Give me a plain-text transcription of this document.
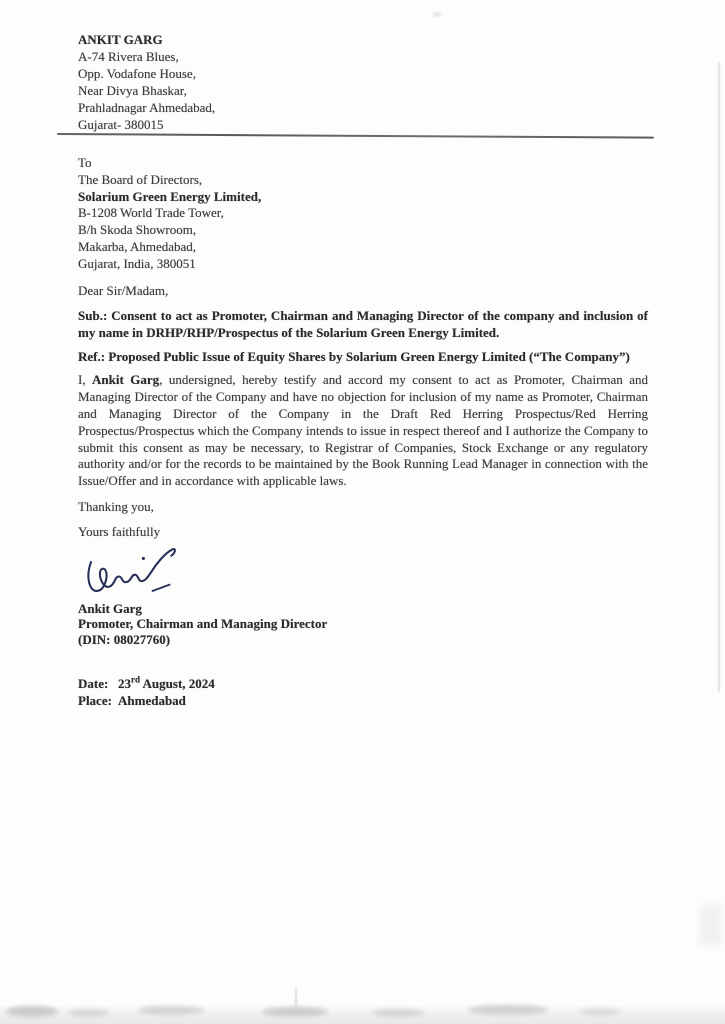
ANKIT GARG
A-74 Rivera Blues,
Opp. Vodafone House,
Near Divya Bhaskar,
Prahladnagar Ahmedabad,
Gujarat- 380015
To
The Board of Directors,
Solarium Green Energy Limited,
B-1208 World Trade Tower,
B/h Skoda Showroom,
Makarba, Ahmedabad,
Gujarat, India, 380051

Dear Sir/Madam,

Sub.: Consent to act as Promoter, Chairman and Managing Director of the company and inclusion of my name in DRHP/RHP/Prospectus of the Solarium Green Energy Limited.

Ref.: Proposed Public Issue of Equity Shares by Solarium Green Energy Limited (“The Company”)

I, Ankit Garg, undersigned, hereby testify and accord my consent to act as Promoter, Chairman and Managing Director of the Company and have no objection for inclusion of my name as Promoter, Chairman and Managing Director of the Company in the Draft Red Herring Prospectus/Red Herring Prospectus/Prospectus which the Company intends to issue in respect thereof and I authorize the Company to submit this consent as may be necessary, to Registrar of Companies, Stock Exchange or any regulatory authority and/or for the records to be maintained by the Book Running Lead Manager in connection with the Issue/Offer and in accordance with applicable laws.

Thanking you,

Yours faithfully

Ankit Garg
Promoter, Chairman and Managing Director
(DIN: 08027760)
Date: 23rd August, 2024
Place: Ahmedabad
